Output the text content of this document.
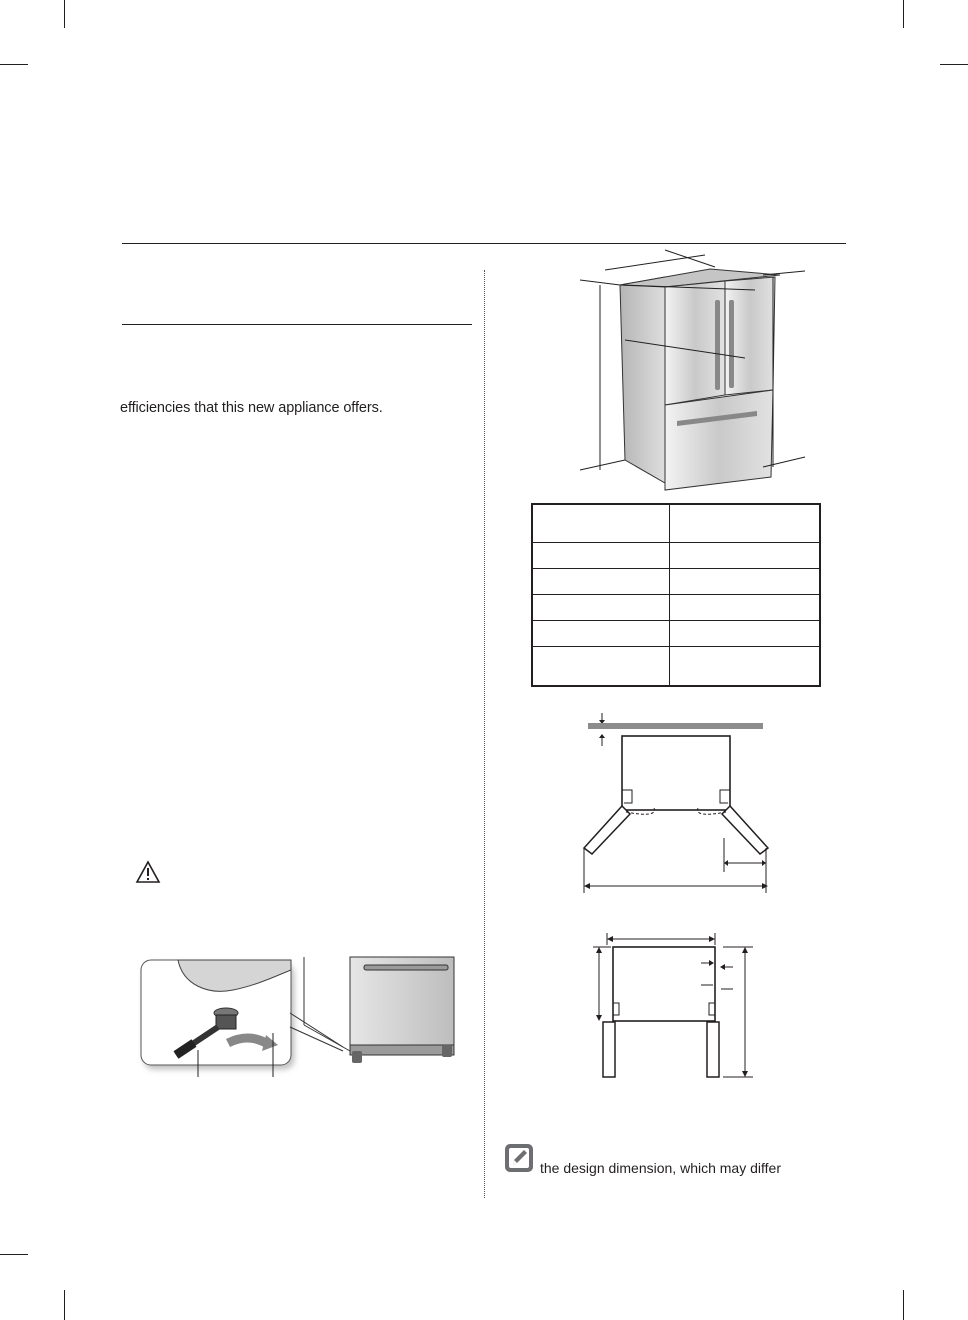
efficiencies that this new appliance offers.

the design dimension, which may differ
